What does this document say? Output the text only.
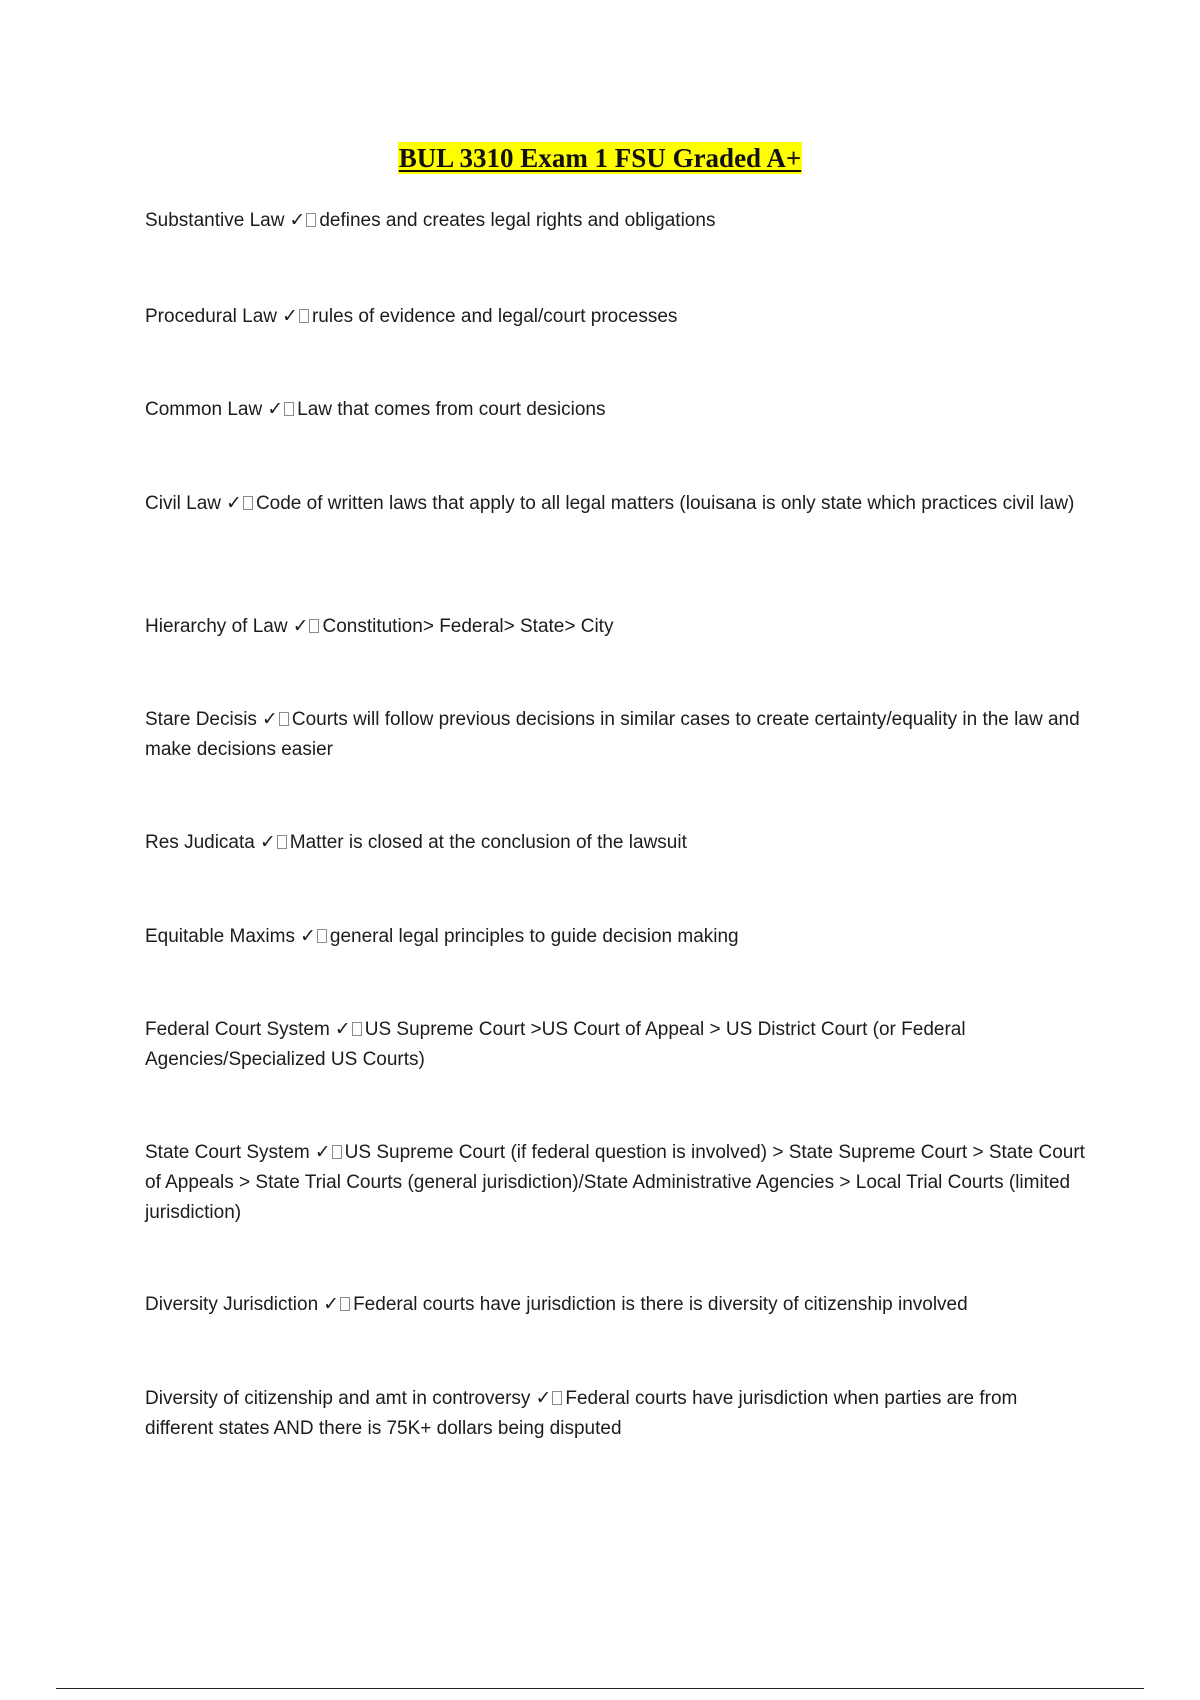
BUL 3310 Exam 1 FSU Graded A+
Substantive Law ✓ defines and creates legal rights and obligations
Procedural Law ✓ rules of evidence and legal/court processes
Common Law ✓ Law that comes from court desicions
Civil Law ✓ Code of written laws that apply to all legal matters (louisana is only state which practices civil law)
Hierarchy of Law ✓ Constitution> Federal> State> City
Stare Decisis ✓ Courts will follow previous decisions in similar cases to create certainty/equality in the law and make decisions easier
Res Judicata ✓ Matter is closed at the conclusion of the lawsuit
Equitable Maxims ✓ general legal principles to guide decision making
Federal Court System ✓ US Supreme Court >US Court of Appeal > US District Court (or Federal Agencies/Specialized US Courts)
State Court System ✓ US Supreme Court (if federal question is involved) > State Supreme Court > State Court of Appeals > State Trial Courts (general jurisdiction)/State Administrative Agencies > Local Trial Courts (limited jurisdiction)
Diversity Jurisdiction ✓ Federal courts have jurisdiction is there is diversity of citizenship involved
Diversity of citizenship and amt in controversy ✓ Federal courts have jurisdiction when parties are from different states AND there is 75K+ dollars being disputed
